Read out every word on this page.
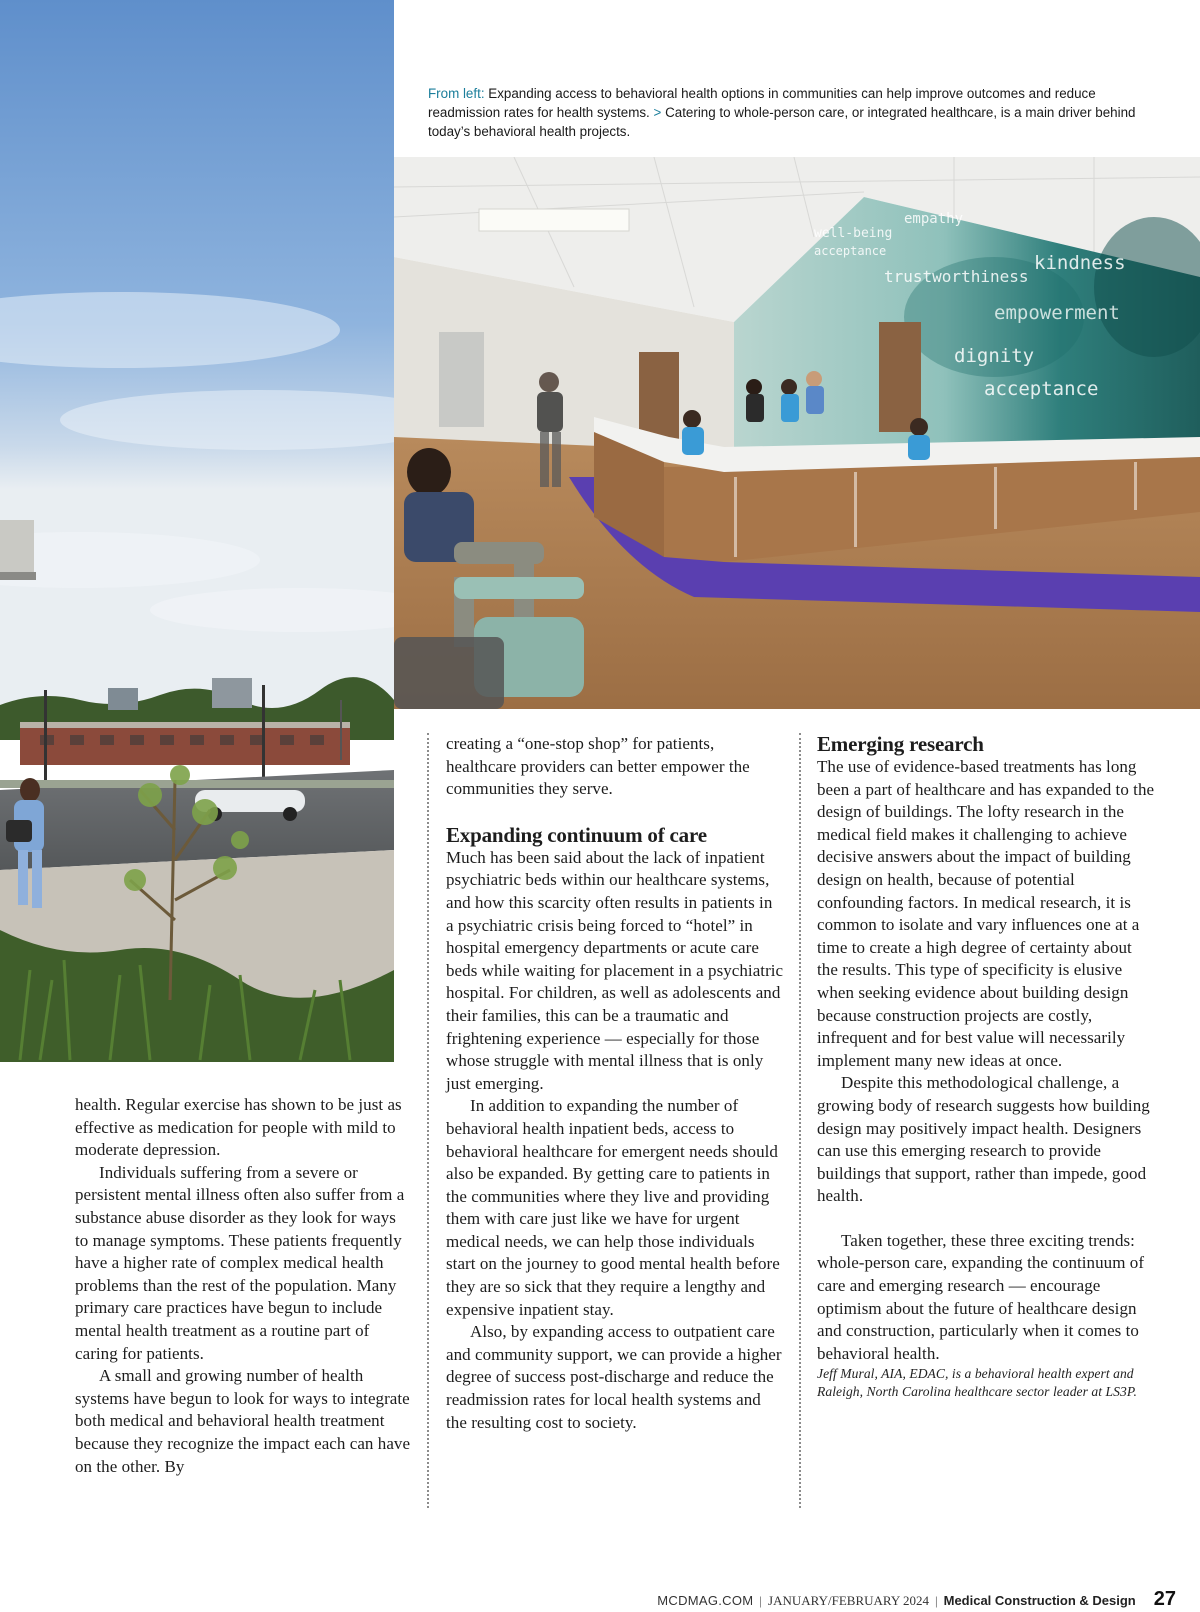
From left: Expanding access to behavioral health options in communities can help improve outcomes and reduce readmission rates for health systems. > Catering to whole-person care, or integrated healthcare, is a main driver behind today’s behavioral health projects.
well-being
empathy
acceptance
trustworthiness
kindness
empowerment
dignity
acceptance

health. Regular exercise has shown to be just as effective as medication for people with mild to moderate depression.

Individuals suffering from a severe or persistent mental illness often also suffer from a substance abuse disorder as they look for ways to manage symptoms. These patients frequently have a higher rate of complex medical health problems than the rest of the population. Many primary care practices have begun to include mental health treatment as a routine part of caring for patients.

A small and growing number of health systems have begun to look for ways to integrate both medical and behavioral health treatment because they recognize the impact each can have on the other. By

creating a “one-stop shop” for patients, healthcare providers can better empower the communities they serve.

Expanding continuum of care

Much has been said about the lack of inpatient psychiatric beds within our healthcare systems, and how this scarcity often results in patients in a psychiatric crisis being forced to “hotel” in hospital emergency departments or acute care beds while waiting for placement in a psychiatric hospital. For children, as well as adolescents and their families, this can be a traumatic and frightening experience — especially for those whose struggle with mental illness that is only just emerging.

In addition to expanding the number of behavioral health inpatient beds, access to behavioral healthcare for emergent needs should also be expanded. By getting care to patients in the communities where they live and providing them with care just like we have for urgent medical needs, we can help those individuals start on the journey to good mental health before they are so sick that they require a lengthy and expensive inpatient stay.

Also, by expanding access to outpatient care and community support, we can provide a higher degree of success post-discharge and reduce the readmission rates for local health systems and the resulting cost to society.

Emerging research

The use of evidence-based treatments has long been a part of healthcare and has expanded to the design of buildings. The lofty research in the medical field makes it challenging to achieve decisive answers about the impact of building design on health, because of potential confounding factors. In medical research, it is common to isolate and vary influences one at a time to create a high degree of certainty about the results. This type of specificity is elusive when seeking evidence about building design because construction projects are costly, infrequent and for best value will necessarily implement many new ideas at once.

Despite this methodological challenge, a growing body of research suggests how building design may positively impact health. Designers can use this emerging research to provide buildings that support, rather than impede, good health.

Taken together, these three exciting trends: whole-person care, expanding the continuum of care and emerging research — encourage optimism about the future of healthcare design and construction, particularly when it comes to behavioral health.

Jeff Mural, AIA, EDAC, is a behavioral health expert and Raleigh, North Carolina healthcare sector leader at LS3P.

MCDMAG.COM | JANUARY/FEBRUARY 2024 | Medical Construction & Design 27
